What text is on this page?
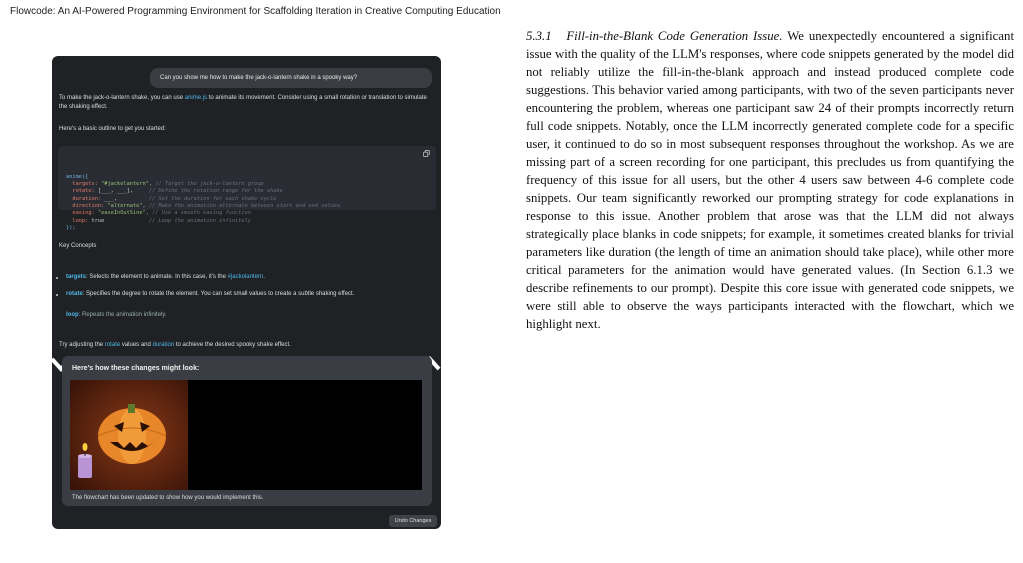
Flowcode: An AI-Powered Programming Environment for Scaffolding Iteration in Creative Computing Education
Can you show me how to make the jack-o-lantern shake in a spooky way?
To make the jack-o-lantern shake, you can use anime.js to animate its movement. Consider using a small rotation or translation to simulate the shaking effect.
Here's a basic outline to get you started:

anime({
targets: "#jackolantern", // Target the jack-o-lantern group
rotate: [___, ___],     // Define the rotation range for the shake
duration: ___,          // Set the duration for each shake cycle
direction: "alternate", // Make the animation alternate between start and end values
easing: "easeInOutSine", // Use a smooth easing function
loop: true              // Loop the animation infinitely
});
Key Concepts
targets: Selects the element to animate. In this case, it's the #jackolantern.
rotate: Specifies the degree to rotate the element. You can set small values to create a subtle shaking effect.
loop: Repeats the animation infinitely.
Try adjusting the rotate values and duration to achieve the desired spooky shake effect.
Here's how these changes might look:
The flowchart has been updated to show how you would implement this.
Undo Changes
5.3.1 Fill-in-the-Blank Code Generation Issue. We unexpectedly encountered a significant issue with the quality of the LLM's responses, where code snippets generated by the model did not reliably utilize the fill-in-the-blank approach and instead produced complete code suggestions. This behavior varied among participants, with two of the seven participants never encountering the problem, whereas one participant saw 24 of their prompts incorrectly return full code snippets. Notably, once the LLM incorrectly generated complete code for a specific user, it continued to do so in most subsequent responses throughout the workshop. As we are missing part of a screen recording for one participant, this precludes us from quantifying the frequency of this issue for all users, but the other 4 users saw between 4-6 complete code snippets. Our team significantly reworked our prompting strategy for code explanations in response to this issue. Another problem that arose was that the LLM did not always strategically place blanks in code snippets; for example, it sometimes created blanks for trivial parameters like duration (the length of time an animation should take place), while other more critical parameters for the animation would have generated values. (In Section 6.1.3 we describe refinements to our prompt). Despite this core issue with generated code snippets, we were still able to observe the ways participants interacted with the flowchart, which we highlight next.
